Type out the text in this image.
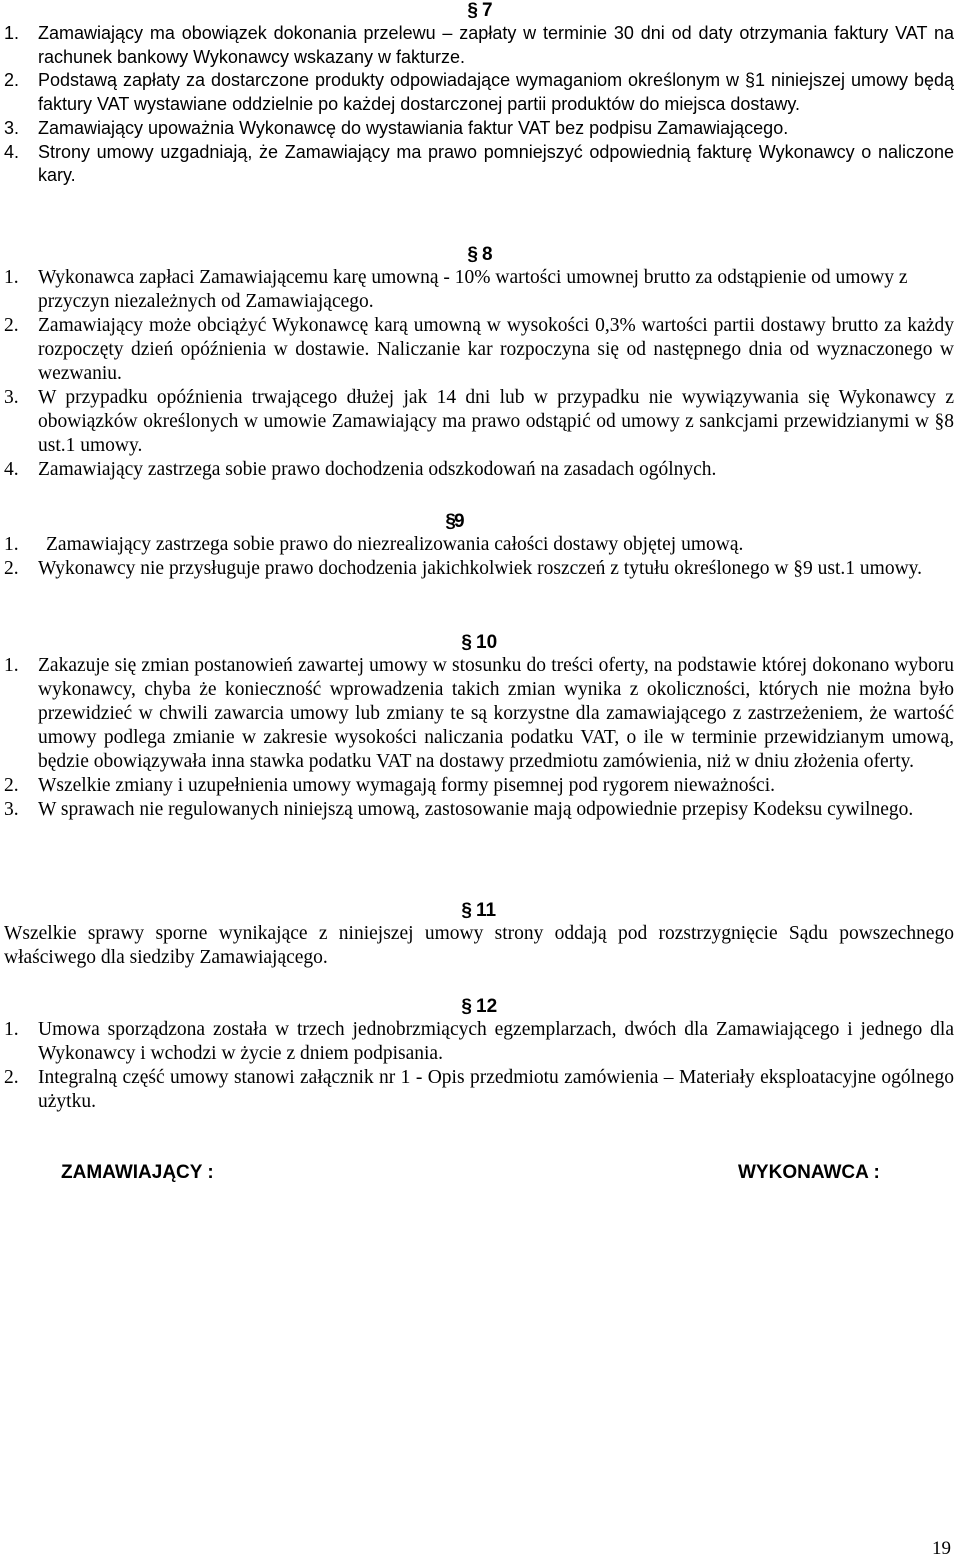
§ 7
1.	Zamawiający ma obowiązek dokonania przelewu – zapłaty w terminie 30 dni od daty otrzymania faktury VAT na rachunek bankowy Wykonawcy wskazany w fakturze.
2.	Podstawą zapłaty za dostarczone produkty odpowiadające wymaganiom określonym w §1 niniejszej umowy będą faktury VAT wystawiane oddzielnie po każdej dostarczonej partii produktów do miejsca dostawy.
3.	Zamawiający upoważnia Wykonawcę do wystawiania faktur VAT bez podpisu Zamawiającego.
4.	Strony umowy uzgadniają, że Zamawiający ma prawo pomniejszyć odpowiednią fakturę Wykonawcy o naliczone kary.
§ 8
1. Wykonawca zapłaci Zamawiającemu karę umowną - 10% wartości umownej brutto za odstąpienie od umowy z przyczyn niezależnych od Zamawiającego.
2. Zamawiający może obciążyć Wykonawcę karą umowną w wysokości 0,3% wartości partii dostawy brutto za każdy rozpoczęty dzień opóźnienia w dostawie. Naliczanie kar rozpoczyna się od następnego dnia od wyznaczonego w wezwaniu.
3. W przypadku opóźnienia trwającego dłużej jak 14 dni lub w przypadku nie wywiązywania się Wykonawcy z obowiązków określonych w umowie Zamawiający ma prawo odstąpić od umowy z sankcjami przewidzianymi w §8 ust.1 umowy.
4. Zamawiający zastrzega sobie prawo dochodzenia odszkodowań na zasadach ogólnych.
§
9
1.	Zamawiający zastrzega sobie prawo do niezrealizowania całości dostawy objętej umową.
2. Wykonawcy nie przysługuje prawo dochodzenia jakichkolwiek roszczeń z tytułu określonego w §9 ust.1 umowy.
§ 10
1. Zakazuje się zmian postanowień zawartej umowy w stosunku do treści oferty, na podstawie której dokonano wyboru wykonawcy, chyba że konieczność wprowadzenia takich zmian wynika z okoliczności, których nie można było przewidzieć w chwili zawarcia umowy lub zmiany te są korzystne dla zamawiającego z zastrzeżeniem, że wartość umowy podlega zmianie w zakresie wysokości naliczania podatku VAT, o ile w terminie przewidzianym umową, będzie obowiązywała inna stawka podatku VAT na dostawy przedmiotu zamówienia, niż w dniu złożenia oferty.
2. Wszelkie zmiany i uzupełnienia umowy wymagają formy pisemnej pod rygorem nieważności.
3. W sprawach nie regulowanych niniejszą umową, zastosowanie mają odpowiednie przepisy Kodeksu cywilnego.
§ 11
Wszelkie sprawy sporne wynikające z niniejszej umowy strony oddają pod rozstrzygnięcie Sądu powszechnego właściwego dla siedziby Zamawiającego.
§ 12
1. Umowa sporządzona została w trzech jednobrzmiących egzemplarzach, dwóch dla Zamawiającego i jednego dla Wykonawcy i wchodzi w życie z dniem podpisania.
2. Integralną część umowy stanowi załącznik nr 1 - Opis przedmiotu zamówienia – Materiały eksploatacyjne ogólnego użytku.
ZAMAWIAJĄCY :	WYKONAWCA :
19
